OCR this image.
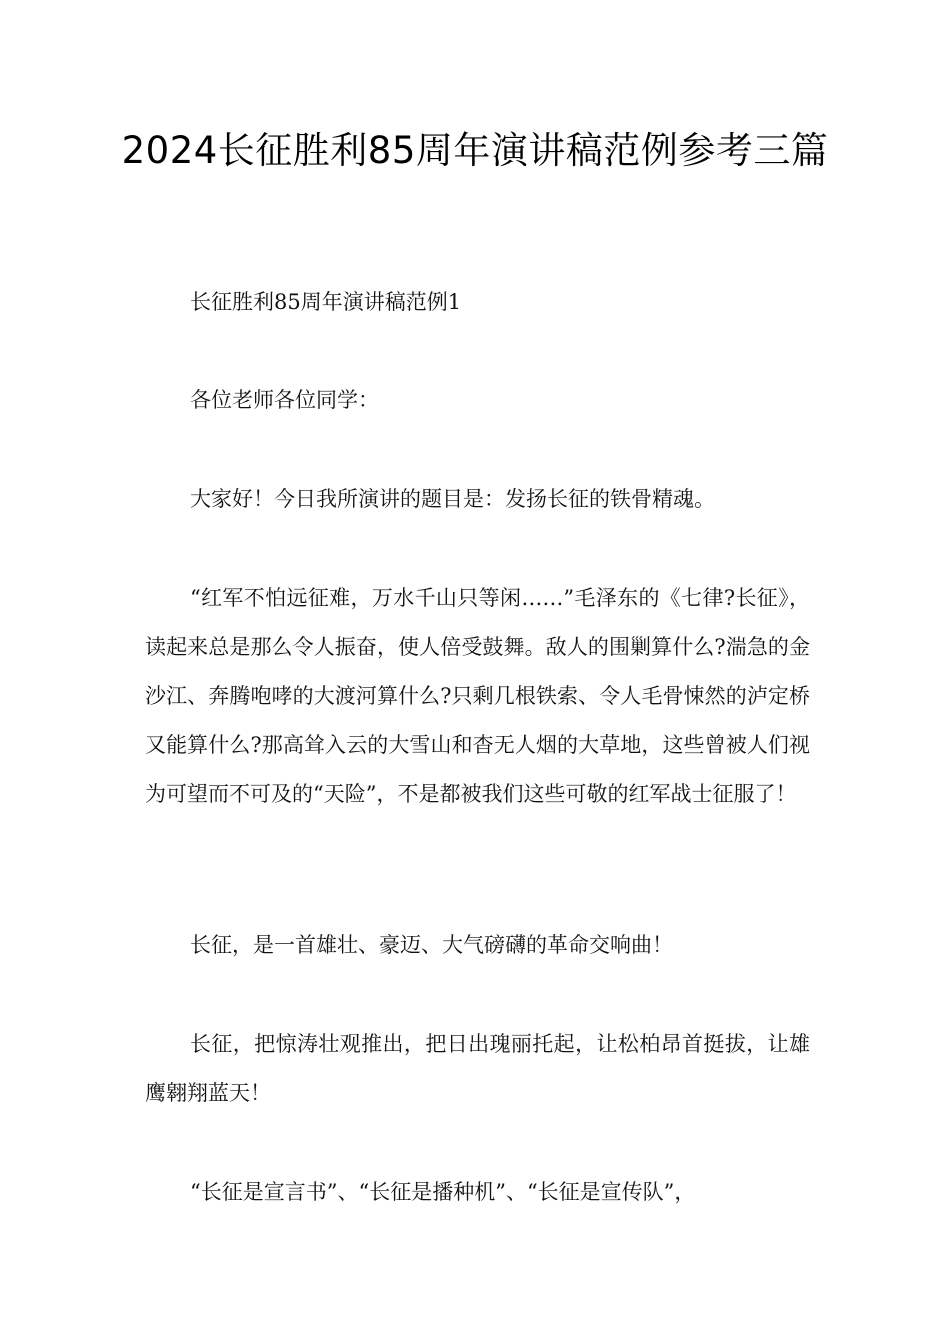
2024长征胜利85周年演讲稿范例参考三篇

长征胜利85周年演讲稿范例1

各位老师各位同学：

大家好！今日我所演讲的题目是：发扬长征的铁骨精魂。

“红军不怕远征难，万水千山只等闲……”毛泽东的《七律?长征》，读起来总是那么令人振奋，使人倍受鼓舞。敌人的围剿算什么?湍急的金沙江、奔腾咆哮的大渡河算什么?只剩几根铁索、令人毛骨悚然的泸定桥又能算什么?那高耸入云的大雪山和杳无人烟的大草地，这些曾被人们视为可望而不可及的“天险”，不是都被我们这些可敬的红军战士征服了！

长征，是一首雄壮、豪迈、大气磅礴的革命交响曲！

长征，把惊涛壮观推出，把日出瑰丽托起，让松柏昂首挺拔，让雄鹰翱翔蓝天！

“长征是宣言书”、“长征是播种机”、“长征是宣传队”，
